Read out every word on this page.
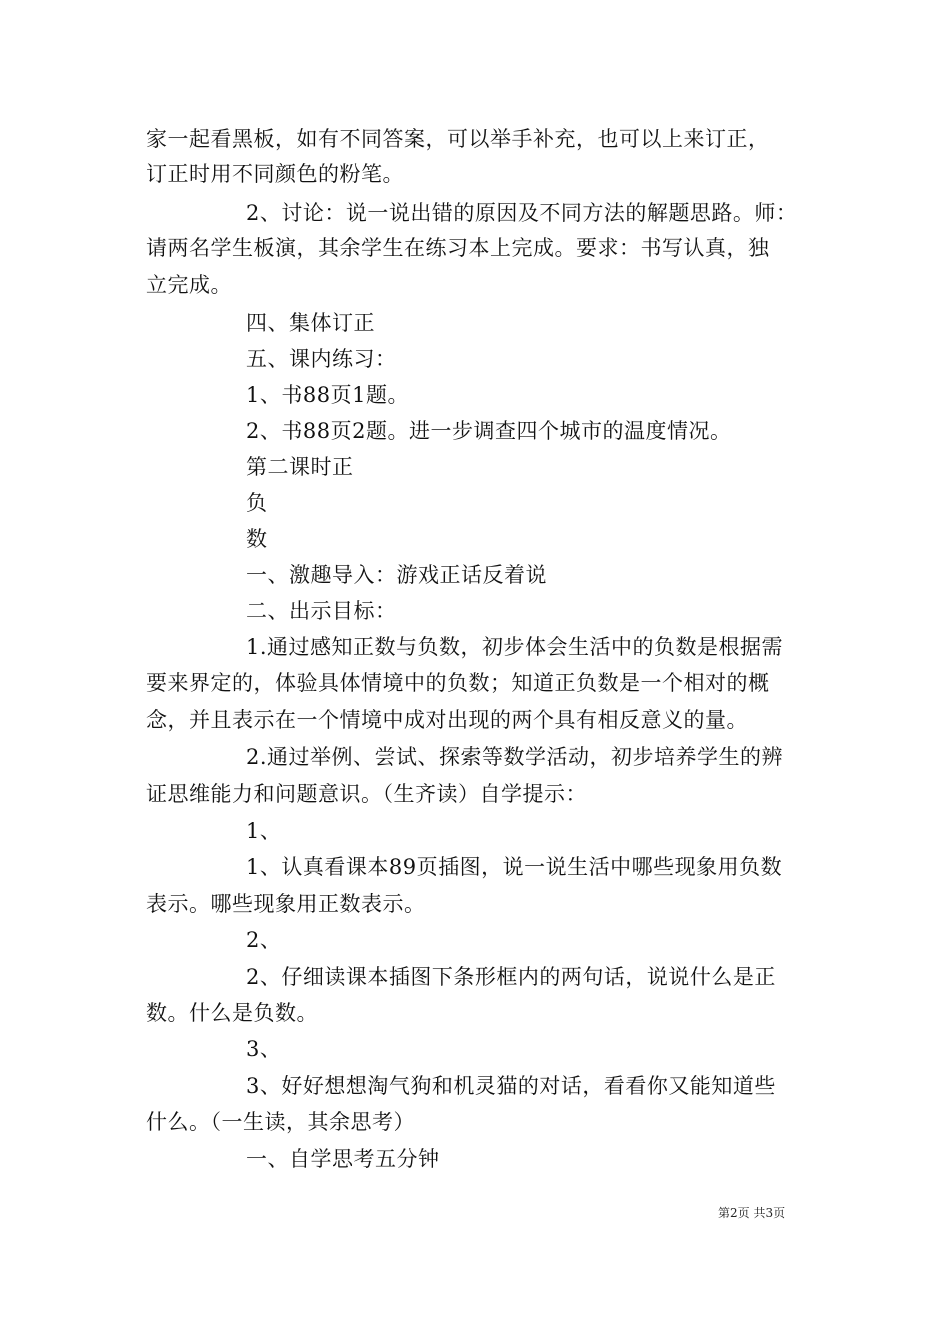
家一起看黑板，如有不同答案，可以举手补充，也可以上来订正，
订正时用不同颜色的粉笔。
2、讨论：说一说出错的原因及不同方法的解题思路。师：
请两名学生板演，其余学生在练习本上完成。要求：书写认真，独
立完成。
四、集体订正
五、课内练习：
1、书88页1题。
2、书88页2题。进一步调查四个城市的温度情况。
第二课时正
负
数
一、激趣导入：游戏正话反着说
二、出示目标：
1.通过感知正数与负数，初步体会生活中的负数是根据需
要来界定的，体验具体情境中的负数；知道正负数是一个相对的概
念，并且表示在一个情境中成对出现的两个具有相反意义的量。
2.通过举例、尝试、探索等数学活动，初步培养学生的辨
证思维能力和问题意识。（生齐读）自学提示：
1、
1、认真看课本89页插图，说一说生活中哪些现象用负数
表示。哪些现象用正数表示。
2、
2、仔细读课本插图下条形框内的两句话，说说什么是正
数。什么是负数。
3、
3、好好想想淘气狗和机灵猫的对话，看看你又能知道些
什么。（一生读，其余思考）
一、自学思考五分钟
第2页 共3页
